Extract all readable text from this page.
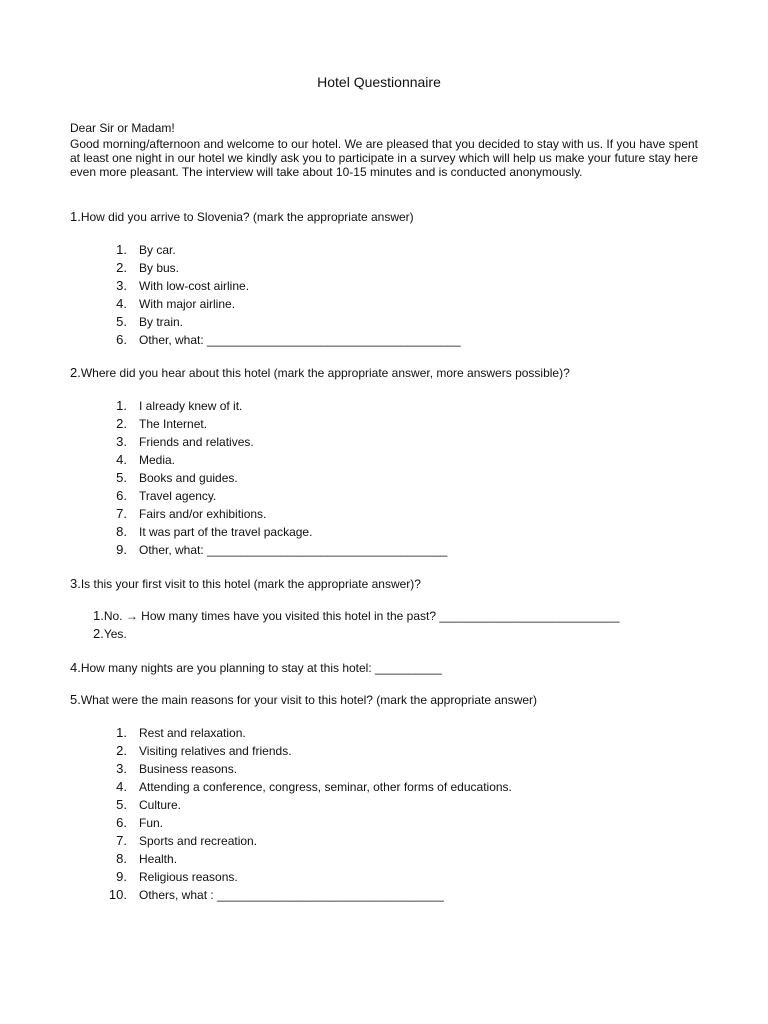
Hotel Questionnaire
Dear Sir or Madam!
Good morning/afternoon and welcome to our hotel. We are pleased that you decided to stay with us. If you have spent at least one night in our hotel we kindly ask you to participate in a survey which will help us make your future stay here even more pleasant. The interview will take about 10-15 minutes and is conducted anonymously.
1.How did you arrive to Slovenia? (mark the appropriate answer)
1. By car.
2. By bus.
3. With low-cost airline.
4. With major airline.
5. By train.
6. Other, what: ______________________________________
2.Where did you hear about this hotel (mark the appropriate answer, more answers possible)?
1. I already knew of it.
2. The Internet.
3. Friends and relatives.
4. Media.
5. Books and guides.
6. Travel agency.
7. Fairs and/or exhibitions.
8. It was part of the travel package.
9. Other, what: ____________________________________
3.Is this your first visit to this hotel (mark the appropriate answer)?
1.No. → How many times have you visited this hotel in the past? ___________________________
2.Yes.
4.How many nights are you planning to stay at this hotel: __________
5.What were the main reasons for your visit to this hotel? (mark the appropriate answer)
1. Rest and relaxation.
2. Visiting relatives and friends.
3. Business reasons.
4. Attending a conference, congress, seminar, other forms of educations.
5. Culture.
6. Fun.
7. Sports and recreation.
8. Health.
9. Religious reasons.
10. Others, what : __________________________________
